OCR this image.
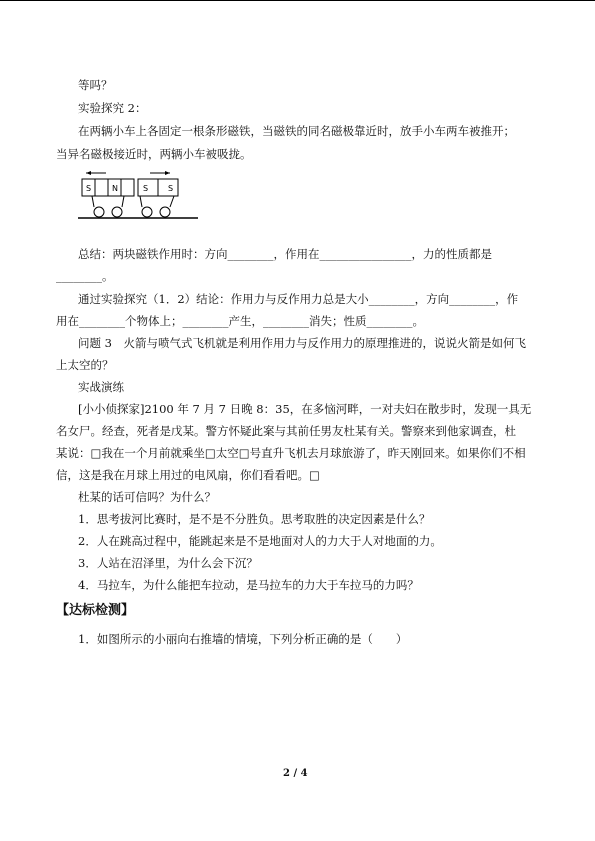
等吗？
实验探究 2：
在两辆小车上各固定一根条形磁铁，当磁铁的同名磁极靠近时，放手小车两车被推开；
当异名磁极接近时，两辆小车被吸拢。
S	N	S S
总结：两块磁铁作用时：方向________，作用在________________，力的性质都是
________。
通过实验探究（1．2）结论：作用力与反作用力总是大小________，方向________，作
用在________个物体上；________产生，________消失；性质________。
问题 3　火箭与喷气式飞机就是利用作用力与反作用力的原理推进的，说说火箭是如何飞
上太空的？
实战演练
[小小侦探家]2100 年 7 月 7 日晚 8：35，在多恼河畔，一对夫妇在散步时，发现一具无
名女尸。经查，死者是戊某。警方怀疑此案与其前任男友杜某有关。警察来到他家调查，杜
某说：□我在一个月前就乘坐□太空□号直升飞机去月球旅游了，昨天刚回来。如果你们不相
信，这是我在月球上用过的电风扇，你们看看吧。□
杜某的话可信吗？为什么？
1．思考拔河比赛时，是不是不分胜负。思考取胜的决定因素是什么？
2．人在跳高过程中，能跳起来是不是地面对人的力大于人对地面的力。
3．人站在沼泽里，为什么会下沉？
4．马拉车，为什么能把车拉动，是马拉车的力大于车拉马的力吗？
【达标检测】
1．如图所示的小丽向右推墙的情境，下列分析正确的是（　　）
2 / 4
